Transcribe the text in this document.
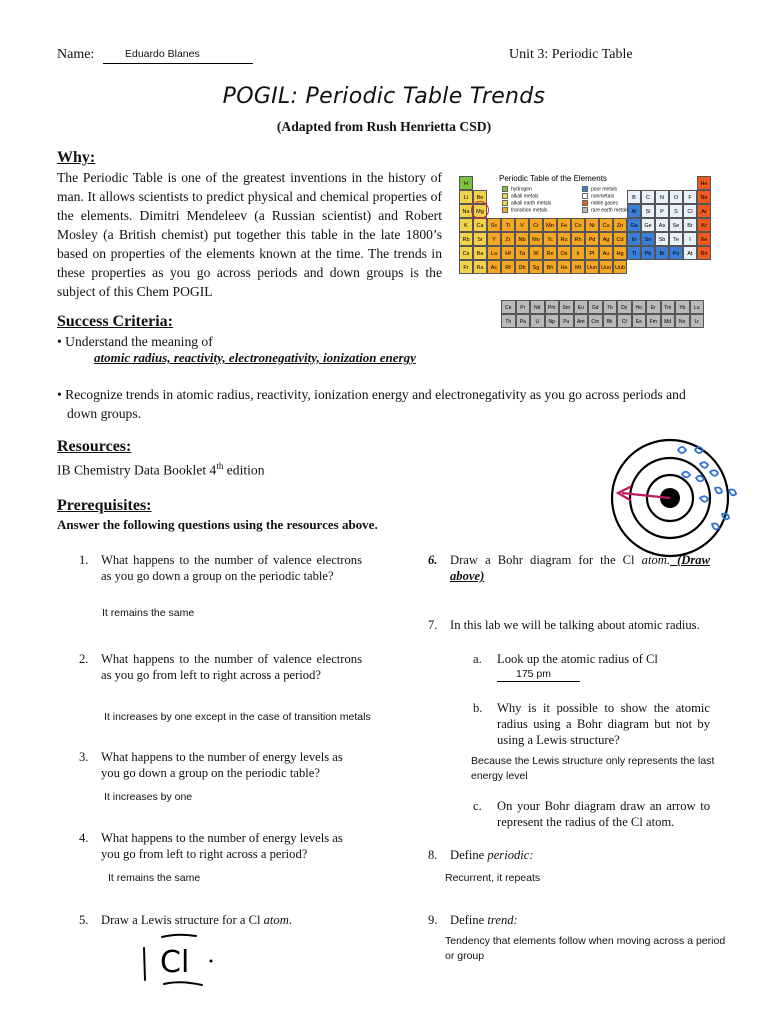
Name:	Eduardo Blanes	Unit 3: Periodic Table
POGIL: Periodic Table Trends
(Adapted from Rush Henrietta CSD)
Why:
The Periodic Table is one of the greatest inventions in the history of man. It allows scientists to predict physical and chemical properties of the elements. Dimitri Mendeleev (a Russian scientist) and Robert Mosley (a British chemist) put together this table in the late 1800’s based on properties of the elements known at the time. The trends in these properties as you go across periods and down groups is the subject of this Chem POGIL
Periodic Table of the Elements
H	He
Li	Be	B	C	N	O	F	Ne
Na	Mg	Al	Si	P	S	Cl	Ar
K	Ca	Sc	Ti	V	Cr	Mn	Fe	Co	Ni	Cu	Zn	Ga	Ge	As	Se	Br	Kr
Rb	Sr	Y	Zr	Nb	Mo	Tc	Ru	Rh	Pd	Ag	Cd	In	Sn	Sb	Te	I	Xe
Cs	Ba	La	Hf	Ta	W	Re	Os	Ir	Pt	Au	Hg	Tl	Pb	Bi	Po	At	Rn
Fr	Ra	Ac	Rf	Db	Sg	Bh	Hs	Mt	Uun Uuu Uub
Ce	Pr	Nd	Pm	Sm	Eu	Gd	Tb	Dy	Ho	Er	Tm	Yb	Lu
Th	Pa	U	Np	Pu	Am	Cm	Bk	Cf	Es	Fm	Md	No	Lr
hydrogen
alkali metals
alkali earth metals
transition metals
poor metals
nonmetals
noble gases
rare earth metals
Success Criteria:
• Understand the meaning of
atomic radius, reactivity, electronegativity, ionization energy
• Recognize trends in atomic radius, reactivity, ionization energy and electronegativity as you go across periods and down groups.
Resources:
IB Chemistry Data Booklet 4th edition
Prerequisites:
Answer the following questions using the resources above.
1. What happens to the number of valence electrons as you go down a group on the periodic table?
It remains the same
2. What happens to the number of valence electrons as you go from left to right across a period?
It increases by one except in the case of transition metals
3. What happens to the number of energy levels as you go down a group on the periodic table?
It increases by one
4. What happens to the number of energy levels as you go from left to right across a period?
It remains the same
5. Draw a Lewis structure for a Cl atom.
Cl
6. Draw a Bohr diagram for the Cl atom. (Draw above)
7. In this lab we will be talking about atomic radius.
a. Look up the atomic radius of Cl
175 pm
b. Why is it possible to show the atomic radius using a Bohr diagram but not by using a Lewis structure?
Because the Lewis structure only represents the last energy level
c. On your Bohr diagram draw an arrow to represent the radius of the Cl atom.
8. Define periodic:
Recurrent, it repeats
9. Define trend:
Tendency that elements follow when moving across a period or group
